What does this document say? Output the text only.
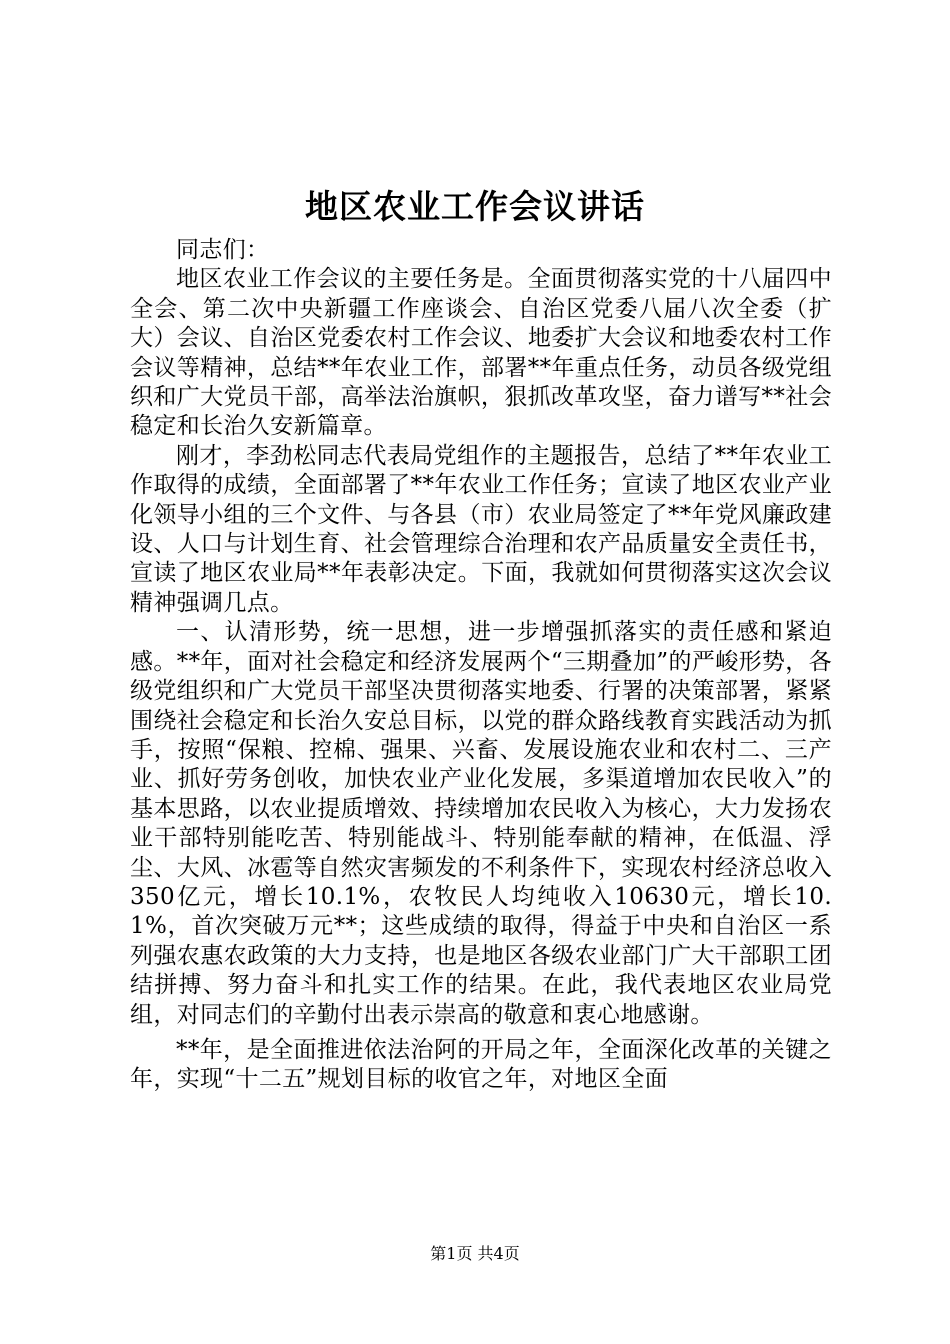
地区农业工作会议讲话

同志们：

地区农业工作会议的主要任务是。全面贯彻落实党的十八届四中全会、第二次中央新疆工作座谈会、自治区党委八届八次全委（扩大）会议、自治区党委农村工作会议、地委扩大会议和地委农村工作会议等精神，总结**年农业工作，部署**年重点任务，动员各级党组织和广大党员干部，高举法治旗帜，狠抓改革攻坚，奋力谱写**社会稳定和长治久安新篇章。

刚才，李劲松同志代表局党组作的主题报告，总结了**年农业工作取得的成绩，全面部署了**年农业工作任务；宣读了地区农业产业化领导小组的三个文件、与各县（市）农业局签定了**年党风廉政建设、人口与计划生育、社会管理综合治理和农产品质量安全责任书，宣读了地区农业局**年表彰决定。下面，我就如何贯彻落实这次会议精神强调几点。

一、认清形势，统一思想，进一步增强抓落实的责任感和紧迫感。**年，面对社会稳定和经济发展两个“三期叠加”的严峻形势，各级党组织和广大党员干部坚决贯彻落实地委、行署的决策部署，紧紧围绕社会稳定和长治久安总目标，以党的群众路线教育实践活动为抓手，按照“保粮、控棉、强果、兴畜、发展设施农业和农村二、三产业、抓好劳务创收，加快农业产业化发展，多渠道增加农民收入”的基本思路，以农业提质增效、持续增加农民收入为核心，大力发扬农业干部特别能吃苦、特别能战斗、特别能奉献的精神，在低温、浮尘、大风、冰雹等自然灾害频发的不利条件下，实现农村经济总收入350亿元，增长10.1%，农牧民人均纯收入10630元，增长10.1%，首次突破万元**；这些成绩的取得，得益于中央和自治区一系列强农惠农政策的大力支持，也是地区各级农业部门广大干部职工团结拼搏、努力奋斗和扎实工作的结果。在此，我代表地区农业局党组，对同志们的辛勤付出表示崇高的敬意和衷心地感谢。

**年，是全面推进依法治阿的开局之年，全面深化改革的关键之年，实现“十二五”规划目标的收官之年，对地区全面

第1页 共4页
